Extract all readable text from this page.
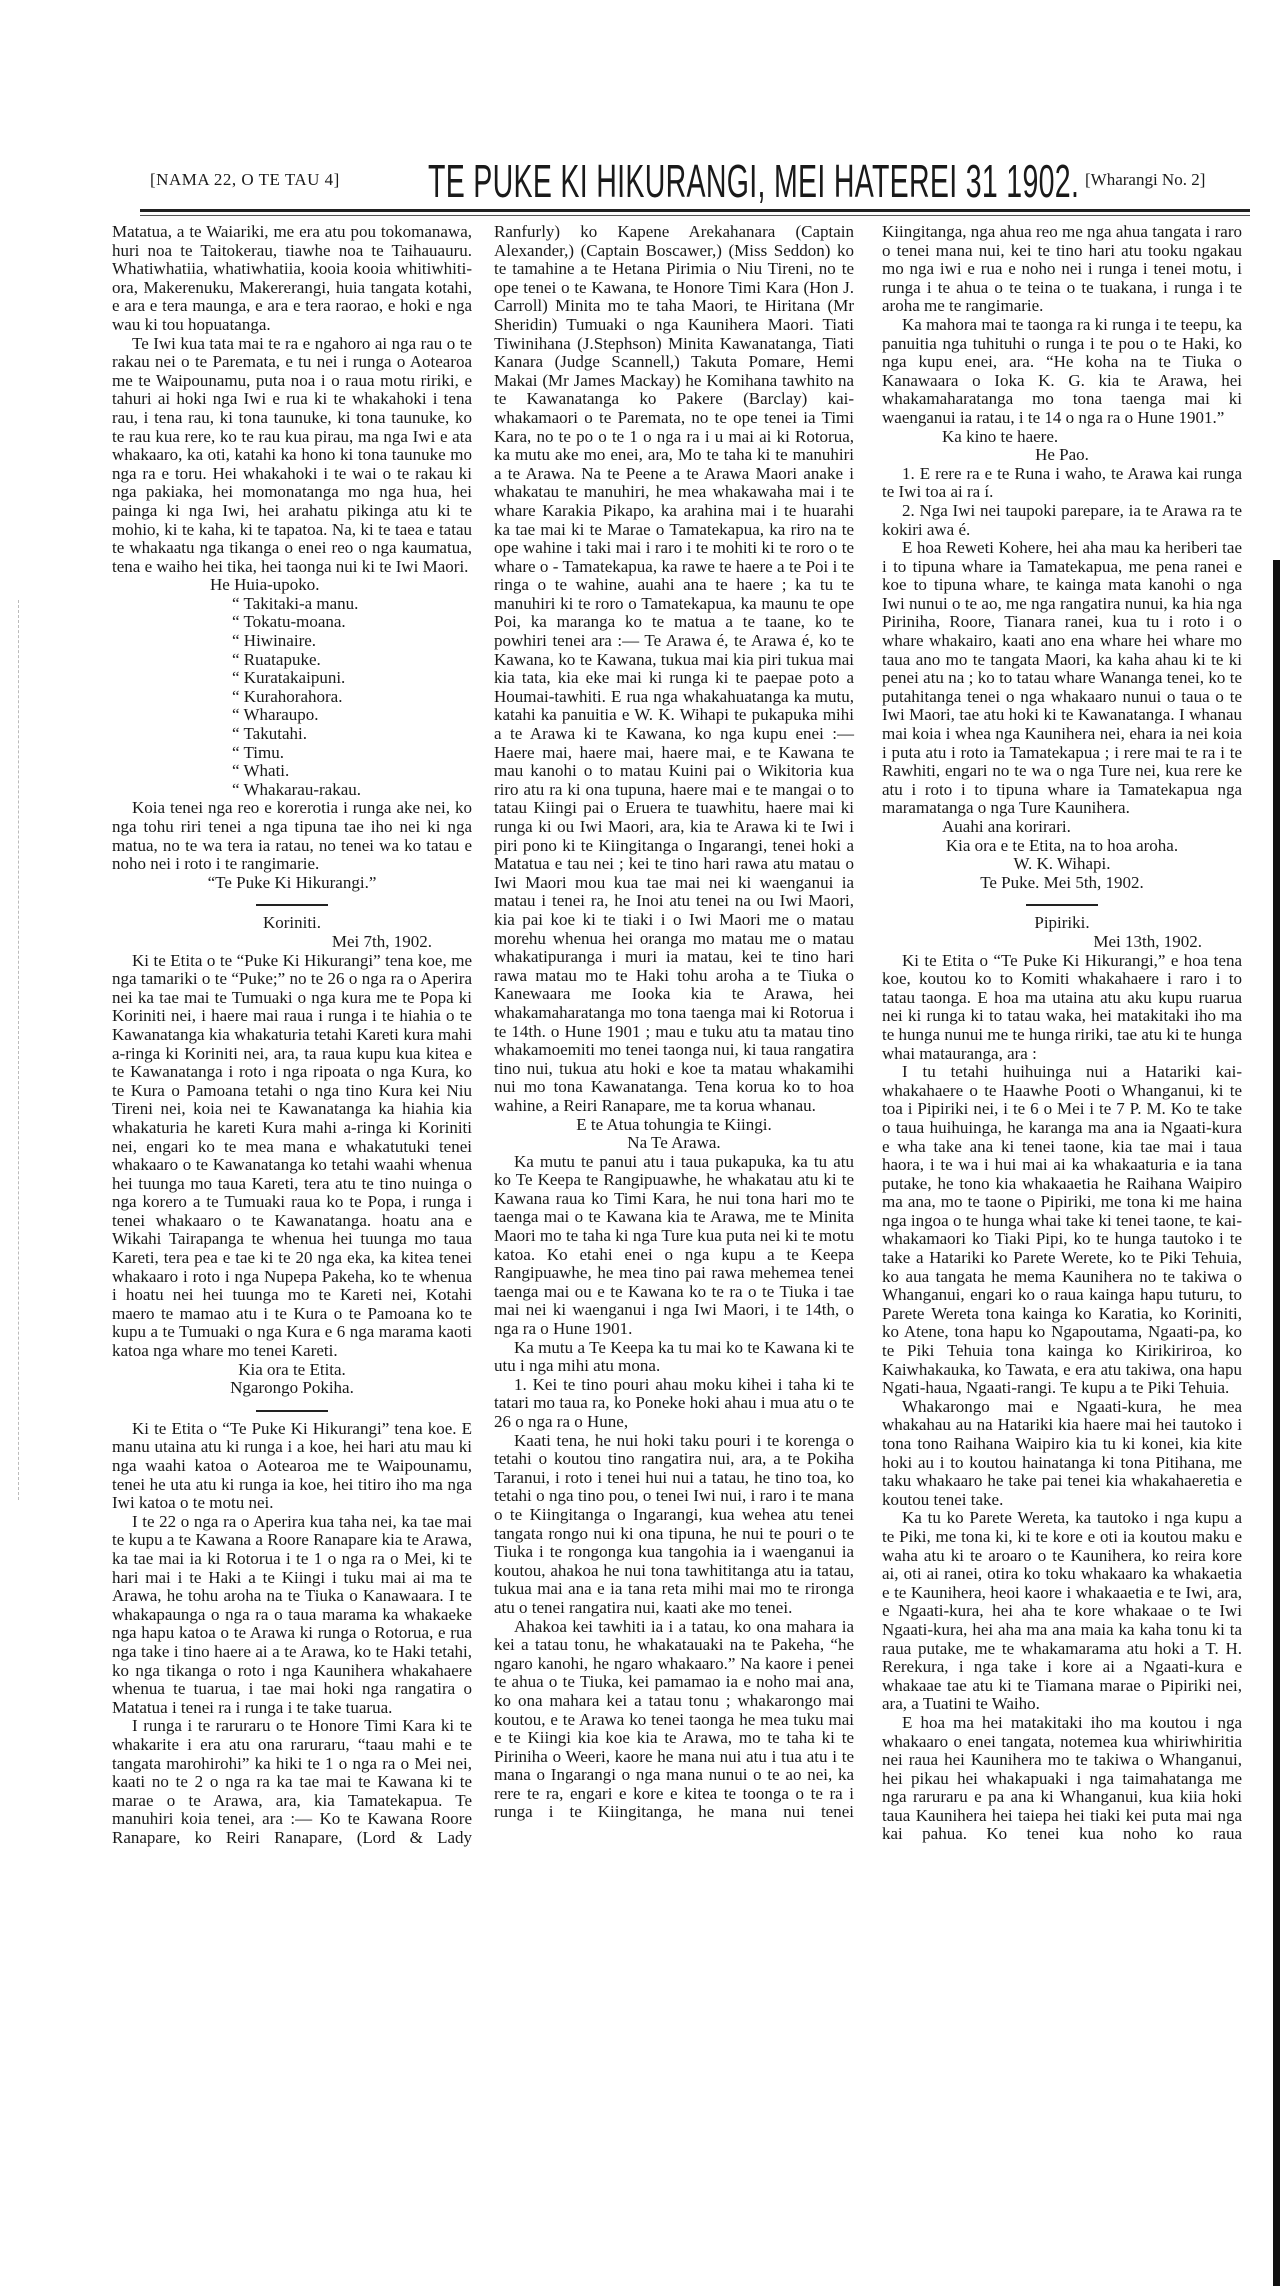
[NAMA 22, O TE TAU 4] TE PUKE KI HIKURANGI, MEI HATEREI 31 1902. [Wharangi No. 2]

Matatua, a te Waiariki, me era atu pou tokomanawa, huri noa te Taitokerau, tiawhe noa te Taihauauru. Whatiwhatiia, whatiwhatiia, kooia kooia whitiwhiti-ora, Makerenuku, Makererangi, huia tangata kotahi, e ara e tera maunga, e ara e tera raorao, e hoki e nga wau ki tou hopuatanga.

Te Iwi kua tata mai te ra e ngahoro ai nga rau o te rakau nei o te Paremata, e tu nei i runga o Aotearoa me te Waipounamu, puta noa i o raua motu ririki, e tahuri ai hoki nga Iwi e rua ki te whakahoki i tena rau, i tena rau, ki tona taunuke, ki tona taunuke, ko te rau kua rere, ko te rau kua pirau, ma nga Iwi e ata whakaaro, ka oti, katahi ka hono ki tona taunuke mo nga ra e toru. Hei whakahoki i te wai o te rakau ki nga pakiaka, hei momonatanga mo nga hua, hei painga ki nga Iwi, hei arahatu pikinga atu ki te mohio, ki te kaha, ki te tapatoa. Na, ki te taea e tatau te whakaatu nga tikanga o enei reo o nga kaumatua, tena e waiho hei tika, hei taonga nui ki te Iwi Maori.

He Huia-upoko.

“ Takitaki-a manu.

“ Tokatu-moana.

“ Hiwinaire.

“ Ruatapuke.

“ Kuratakaipuni.

“ Kurahorahora.

“ Wharaupo.

“ Takutahi.

“ Timu.

“ Whati.

“ Whakarau-rakau.

Koia tenei nga reo e korerotia i runga ake nei, ko nga tohu riri tenei a nga tipuna tae iho nei ki nga matua, no te wa tera ia ratau, no tenei wa ko tatau e noho nei i roto i te rangimarie.

“Te Puke Ki Hikurangi.”

Koriniti.

Mei 7th, 1902.

Ki te Etita o te “Puke Ki Hikurangi” tena koe, me nga tamariki o te “Puke;” no te 26 o nga ra o Aperira nei ka tae mai te Tumuaki o nga kura me te Popa ki Koriniti nei, i haere mai raua i runga i te hiahia o te Kawanatanga kia whakaturia tetahi Kareti kura mahi a-ringa ki Koriniti nei, ara, ta raua kupu kua kitea e te Kawanatanga i roto i nga ripoata o nga Kura, ko te Kura o Pamoana tetahi o nga tino Kura kei Niu Tireni nei, koia nei te Kawanatanga ka hiahia kia whakaturia he kareti Kura mahi a-ringa ki Koriniti nei, engari ko te mea mana e whakatutuki tenei whakaaro o te Kawanatanga ko tetahi waahi whenua hei tuunga mo taua Kareti, tera atu te tino nuinga o nga korero a te Tumuaki raua ko te Popa, i runga i tenei whakaaro o te Kawanatanga. hoatu ana e Wikahi Tairapanga te whenua hei tuunga mo taua Kareti, tera pea e tae ki te 20 nga eka, ka kitea tenei whakaaro i roto i nga Nupepa Pakeha, ko te whenua i hoatu nei hei tuunga mo te Kareti nei, Kotahi maero te mamao atu i te Kura o te Pamoana ko te kupu a te Tumuaki o nga Kura e 6 nga marama kaoti katoa nga whare mo tenei Kareti.

Kia ora te Etita.

Ngarongo Pokiha.

Ki te Etita o “Te Puke Ki Hikurangi” tena koe. E manu utaina atu ki runga i a koe, hei hari atu mau ki nga waahi katoa o Aotearoa me te Waipounamu, tenei he uta atu ki runga ia koe, hei titiro iho ma nga Iwi katoa o te motu nei.

I te 22 o nga ra o Aperira kua taha nei, ka tae mai te kupu a te Kawana a Roore Ranapare kia te Arawa, ka tae mai ia ki Rotorua i te 1 o nga ra o Mei, ki te hari mai i te Haki a te Kiingi i tuku mai ai ma te Arawa, he tohu aroha na te Tiuka o Kanawaara. I te whakapaunga o nga ra o taua marama ka whakaeke nga hapu katoa o te Arawa ki runga o Rotorua, e rua nga take i tino haere ai a te Arawa, ko te Haki tetahi, ko nga tikanga o roto i nga Kaunihera whakahaere whenua te tuarua, i tae mai hoki nga rangatira o Matatua i tenei ra i runga i te take tuarua.

I runga i te raruraru o te Honore Timi Kara ki te whakarite i era atu ona raruraru, “taau mahi e te tangata marohirohi” ka hiki te 1 o nga ra o Mei nei, kaati no te 2 o nga ra ka tae mai te Kawana ki te marae o te Arawa, ara, kia Tamatekapua. Te manuhiri koia tenei, ara :— Ko te Kawana Roore Ranapare, ko Reiri Ranapare, (Lord & Lady

Ranfurly) ko Kapene Arekahanara (Captain Alexander,) (Captain Boscawer,) (Miss Seddon) ko te tamahine a te Hetana Pirimia o Niu Tireni, no te ope tenei o te Kawana, te Honore Timi Kara (Hon J. Carroll) Minita mo te taha Maori, te Hiritana (Mr Sheridin) Tumuaki o nga Kaunihera Maori. Tiati Tiwinihana (J.Stephson) Minita Kawanatanga, Tiati Kanara (Judge Scannell,) Takuta Pomare, Hemi Makai (Mr James Mackay) he Komihana tawhito na te Kawanatanga ko Pakere (Barclay) kai-whakamaori o te Paremata, no te ope tenei ia Timi Kara, no te po o te 1 o nga ra i u mai ai ki Rotorua, ka mutu ake mo enei, ara, Mo te taha ki te manuhiri a te Arawa. Na te Peene a te Arawa Maori anake i whakatau te manuhiri, he mea whakawaha mai i te whare Karakia Pikapo, ka arahina mai i te huarahi ka tae mai ki te Marae o Tamatekapua, ka riro na te ope wahine i taki mai i raro i te mohiti ki te roro o te whare o - Tamatekapua, ka rawe te haere a te Poi i te ringa o te wahine, auahi ana te haere ; ka tu te manuhiri ki te roro o Tamatekapua, ka maunu te ope Poi, ka maranga ko te matua a te taane, ko te powhiri tenei ara :— Te Arawa é, te Arawa é, ko te Kawana, ko te Kawana, tukua mai kia piri tukua mai kia tata, kia eke mai ki runga ki te paepae poto a Houmai-tawhiti. E rua nga whakahuatanga ka mutu, katahi ka panuitia e W. K. Wihapi te pukapuka mihi a te Arawa ki te Kawana, ko nga kupu enei :— Haere mai, haere mai, haere mai, e te Kawana te mau kanohi o to matau Kuini pai o Wikitoria kua riro atu ra ki ona tupuna, haere mai e te mangai o to tatau Kiingi pai o Eruera te tuawhitu, haere mai ki runga ki ou Iwi Maori, ara, kia te Arawa ki te Iwi i piri pono ki te Kiingitanga o Ingarangi, tenei hoki a Matatua e tau nei ; kei te tino hari rawa atu matau o Iwi Maori mou kua tae mai nei ki waenganui ia matau i tenei ra, he Inoi atu tenei na ou Iwi Maori, kia pai koe ki te tiaki i o Iwi Maori me o matau morehu whenua hei oranga mo matau me o matau whakatipuranga i muri ia matau, kei te tino hari rawa matau mo te Haki tohu aroha a te Tiuka o Kanewaara me Iooka kia te Arawa, hei whakamaharatanga mo tona taenga mai ki Rotorua i te 14th. o Hune 1901 ; mau e tuku atu ta matau tino whakamoemiti mo tenei taonga nui, ki taua rangatira tino nui, tukua atu hoki e koe ta matau whakamihi nui mo tona Kawanatanga. Tena korua ko to hoa wahine, a Reiri Ranapare, me ta korua whanau.

E te Atua tohungia te Kiingi.

Na Te Arawa.

Ka mutu te panui atu i taua pukapuka, ka tu atu ko Te Keepa te Rangipuawhe, he whakatau atu ki te Kawana raua ko Timi Kara, he nui tona hari mo te taenga mai o te Kawana kia te Arawa, me te Minita Maori mo te taha ki nga Ture kua puta nei ki te motu katoa. Ko etahi enei o nga kupu a te Keepa Rangipuawhe, he mea tino pai rawa mehemea tenei taenga mai ou e te Kawana ko te ra o te Tiuka i tae mai nei ki waenganui i nga Iwi Maori, i te 14th, o nga ra o Hune 1901.

Ka mutu a Te Keepa ka tu mai ko te Kawana ki te utu i nga mihi atu mona.

1. Kei te tino pouri ahau moku kihei i taha ki te tatari mo taua ra, ko Poneke hoki ahau i mua atu o te 26 o nga ra o Hune,

Kaati tena, he nui hoki taku pouri i te korenga o tetahi o koutou tino rangatira nui, ara, a te Pokiha Taranui, i roto i tenei hui nui a tatau, he tino toa, ko tetahi o nga tino pou, o tenei Iwi nui, i raro i te mana o te Kiingitanga o Ingarangi, kua wehea atu tenei tangata rongo nui ki ona tipuna, he nui te pouri o te Tiuka i te rongonga kua tangohia ia i waenganui ia koutou, ahakoa he nui tona tawhititanga atu ia tatau, tukua mai ana e ia tana reta mihi mai mo te rironga atu o tenei rangatira nui, kaati ake mo tenei.

Ahakoa kei tawhiti ia i a tatau, ko ona mahara ia kei a tatau tonu, he whakatauaki na te Pakeha, “he ngaro kanohi, he ngaro whakaaro.” Na kaore i penei te ahua o te Tiuka, kei pamamao ia e noho mai ana, ko ona mahara kei a tatau tonu ; whakarongo mai koutou, e te Arawa ko tenei taonga he mea tuku mai e te Kiingi kia koe kia te Arawa, mo te taha ki te Piriniha o Weeri, kaore he mana nui atu i tua atu i te mana o Ingarangi o nga mana nunui o te ao nei, ka rere te ra, engari e kore e kitea te toonga o te ra i runga i te Kiingitanga, he mana nui tenei

Kiingitanga, nga ahua reo me nga ahua tangata i raro o tenei mana nui, kei te tino hari atu tooku ngakau mo nga iwi e rua e noho nei i runga i tenei motu, i runga i te ahua o te teina o te tuakana, i runga i te aroha me te rangimarie.

Ka mahora mai te taonga ra ki runga i te teepu, ka panuitia nga tuhituhi o runga i te pou o te Haki, ko nga kupu enei, ara. “He koha na te Tiuka o Kanawaara o Ioka K. G. kia te Arawa, hei whakamaharatanga mo tona taenga mai ki waenganui ia ratau, i te 14 o nga ra o Hune 1901.”

Ka kino te haere.

He Pao.

1. E rere ra e te Runa i waho, te Arawa kai runga te Iwi toa ai ra í.

2. Nga Iwi nei taupoki parepare, ia te Arawa ra te kokiri awa é.

E hoa Reweti Kohere, hei aha mau ka heriberi tae i to tipuna whare ia Tamatekapua, me pena ranei e koe to tipuna whare, te kainga mata kanohi o nga Iwi nunui o te ao, me nga rangatira nunui, ka hia nga Piriniha, Roore, Tianara ranei, kua tu i roto i o whare whakairo, kaati ano ena whare hei whare mo taua ano mo te tangata Maori, ka kaha ahau ki te ki penei atu na ; ko to tatau whare Wananga tenei, ko te putahitanga tenei o nga whakaaro nunui o taua o te Iwi Maori, tae atu hoki ki te Kawanatanga. I whanau mai koia i whea nga Kaunihera nei, ehara ia nei koia i puta atu i roto ia Tamatekapua ; i rere mai te ra i te Rawhiti, engari no te wa o nga Ture nei, kua rere ke atu i roto i to tipuna whare ia Tamatekapua nga maramatanga o nga Ture Kaunihera.

Auahi ana korirari.

Kia ora e te Etita, na to hoa aroha.

W. K. Wihapi.

Te Puke. Mei 5th, 1902.

Pipiriki.

Mei 13th, 1902.

Ki te Etita o “Te Puke Ki Hikurangi,” e hoa tena koe, koutou ko to Komiti whakahaere i raro i to tatau taonga. E hoa ma utaina atu aku kupu ruarua nei ki runga ki to tatau waka, hei matakitaki iho ma te hunga nunui me te hunga ririki, tae atu ki te hunga whai matauranga, ara :

I tu tetahi huihuinga nui a Hatariki kai-whakahaere o te Haawhe Pooti o Whanganui, ki te toa i Pipiriki nei, i te 6 o Mei i te 7 P. M. Ko te take o taua huihuinga, he karanga ma ana ia Ngaati-kura e wha take ana ki tenei taone, kia tae mai i taua haora, i te wa i hui mai ai ka whakaaturia e ia tana putake, he tono kia whakaaetia he Raihana Waipiro ma ana, mo te taone o Pipiriki, me tona ki me haina nga ingoa o te hunga whai take ki tenei taone, te kai-whakamaori ko Tiaki Pipi, ko te hunga tautoko i te take a Hatariki ko Parete Werete, ko te Piki Tehuia, ko aua tangata he mema Kaunihera no te takiwa o Whanganui, engari ko o raua kainga hapu tuturu, to Parete Wereta tona kainga ko Karatia, ko Koriniti, ko Atene, tona hapu ko Ngapoutama, Ngaati-pa, ko te Piki Tehuia tona kainga ko Kirikiriroa, ko Kaiwhakauka, ko Tawata, e era atu takiwa, ona hapu Ngati-haua, Ngaati-rangi. Te kupu a te Piki Tehuia.

Whakarongo mai e Ngaati-kura, he mea whakahau au na Hatariki kia haere mai hei tautoko i tona tono Raihana Waipiro kia tu ki konei, kia kite hoki au i to koutou hainatanga ki tona Pitihana, me taku whakaaro he take pai tenei kia whakahaeretia e koutou tenei take.

Ka tu ko Parete Wereta, ka tautoko i nga kupu a te Piki, me tona ki, ki te kore e oti ia koutou maku e waha atu ki te aroaro o te Kaunihera, ko reira kore ai, oti ai ranei, otira ko toku whakaaro ka whakaetia e te Kaunihera, heoi kaore i whakaaetia e te Iwi, ara, e Ngaati-kura, hei aha te kore whakaae o te Iwi Ngaati-kura, hei aha ma ana maia ka kaha tonu ki ta raua putake, me te whakamarama atu hoki a T. H. Rerekura, i nga take i kore ai a Ngaati-kura e whakaae tae atu ki te Tiamana marae o Pipiriki nei, ara, a Tuatini te Waiho.

E hoa ma hei matakitaki iho ma koutou i nga whakaaro o enei tangata, notemea kua whiriwhiritia nei raua hei Kaunihera mo te takiwa o Whanganui, hei pikau hei whakapuaki i nga taimahatanga me nga raruraru e pa ana ki Whanganui, kua kiia hoki taua Kaunihera hei taiepa hei tiaki kei puta mai nga kai pahua. Ko tenei kua noho ko raua
